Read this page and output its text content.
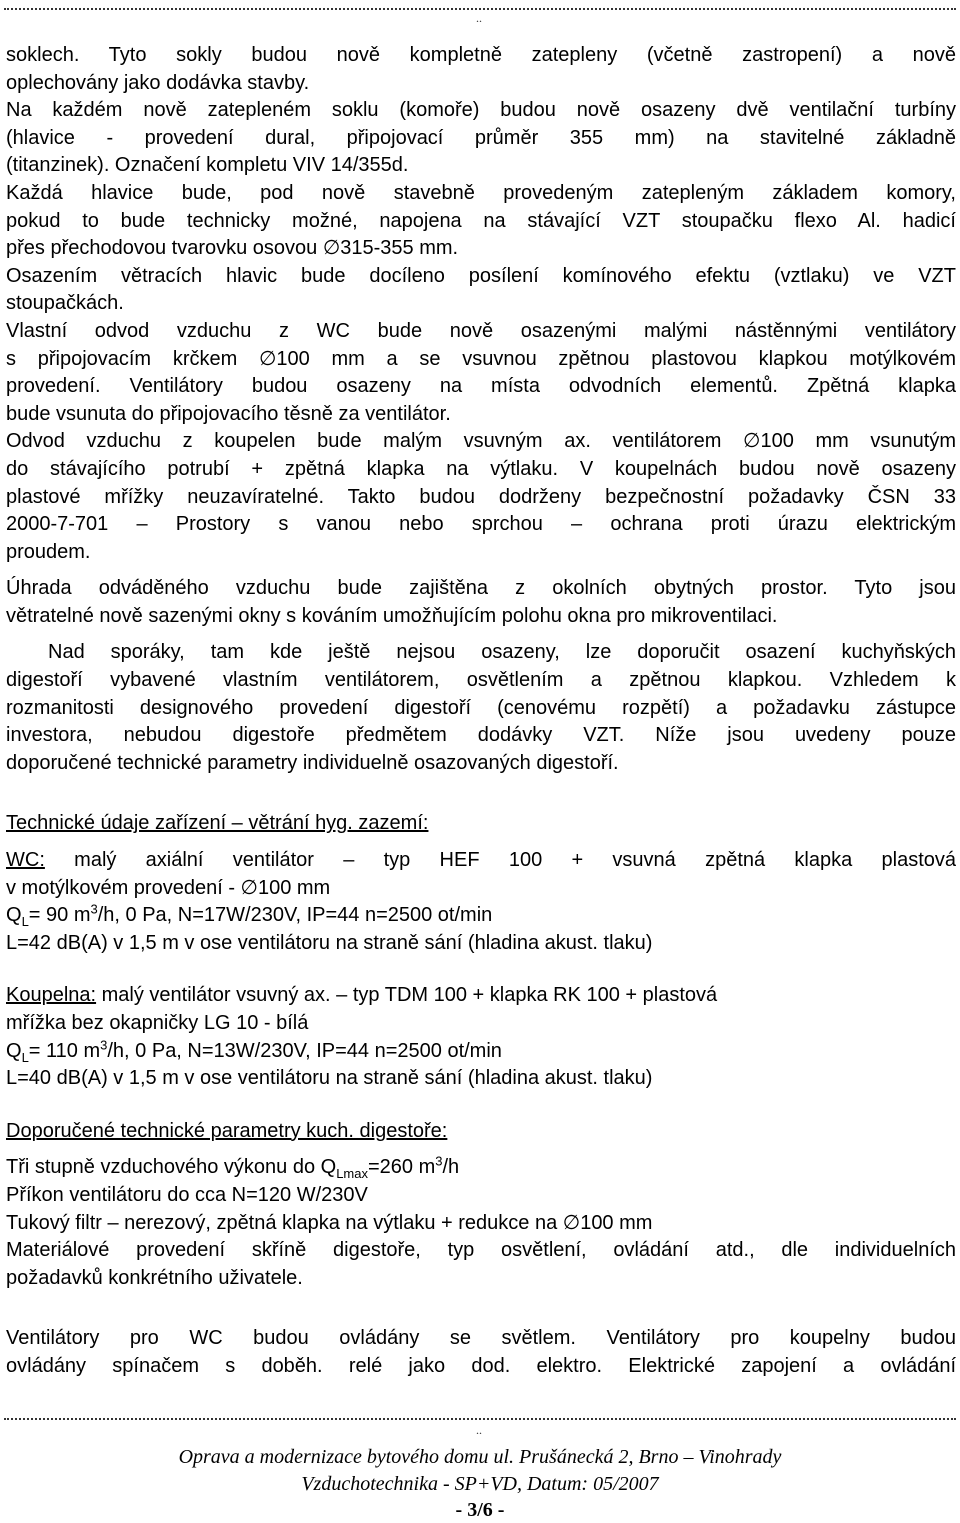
..

soklech. Tyto sokly budou nově kompletně zatepleny (včetně zastropení) a nově

oplechovány jako dodávka stavby.

Na každém nově zatepleném soklu (komoře) budou nově osazeny dvě ventilační turbíny

(hlavice - provedení dural, připojovací průměr 355 mm) na stavitelné základně

(titanzinek). Označení kompletu VIV 14/355d.

Každá hlavice bude, pod nově stavebně provedeným zatepleným základem komory,

pokud to bude technicky možné, napojena na stávající VZT stoupačku flexo Al. hadicí

přes přechodovou tvarovku osovou ∅315-355 mm.

Osazením větracích hlavic bude docíleno posílení komínového efektu (vztlaku) ve VZT

stoupačkách.

Vlastní odvod vzduchu z WC bude nově osazenými malými nástěnnými ventilátory

s připojovacím krčkem ∅100 mm a se vsuvnou zpětnou plastovou klapkou motýlkovém

provedení. Ventilátory budou osazeny na místa odvodních elementů. Zpětná klapka

bude vsunuta do připojovacího těsně za ventilátor.

Odvod vzduchu z koupelen bude malým vsuvným ax. ventilátorem ∅100 mm vsunutým

do stávajícího potrubí + zpětná klapka na výtlaku. V koupelnách budou nově osazeny

plastové mřížky neuzavíratelné. Takto budou dodrženy bezpečnostní požadavky ČSN 33

2000-7-701 – Prostory s vanou nebo sprchou – ochrana proti úrazu elektrickým

proudem.

Úhrada odváděného vzduchu bude zajištěna z okolních obytných prostor. Tyto jsou

větratelné nově sazenými okny s kováním umožňujícím polohu okna pro mikroventilaci.

Nad sporáky, tam kde ještě nejsou osazeny, lze doporučit osazení kuchyňských

digestoří vybavené vlastním ventilátorem, osvětlením a zpětnou klapkou. Vzhledem k

rozmanitosti designového provedení digestoří (cenovému rozpětí) a požadavku zástupce

investora, nebudou digestoře předmětem dodávky VZT. Níže jsou uvedeny pouze

doporučené technické parametry individuelně osazovaných digestoří.

Technické údaje zařízení – větrání hyg. zazemí:

WC: malý axiální ventilátor – typ HEF 100 + vsuvná zpětná klapka plastová

v motýlkovém provedení - ∅100 mm

$Q_L= 90$ $m^3/h$, 0 Pa, N=17W/230V, IP=44 n=2500 ot/min

L=42 dB(A) v 1,5 m v ose ventilátoru na straně sání (hladina akust. tlaku)

Koupelna: malý ventilátor vsuvný ax. – typ TDM 100 + klapka RK 100 + plastová

mřížka bez okapničky LG 10 - bílá

$Q_L= 110$ $m^3/h$, 0 Pa, N=13W/230V, IP=44 n=2500 ot/min

L=40 dB(A) v 1,5 m v ose ventilátoru na straně sání (hladina akust. tlaku)

Doporučené technické parametry kuch. digestoře:

Tři stupně vzduchového výkonu do $Q_{Lmax}=260$ $m^3/h$

Příkon ventilátoru do cca N=120 W/230V

Tukový filtr – nerezový, zpětná klapka na výtlaku + redukce na ∅100 mm

Materiálové provedení skříně digestoře, typ osvětlení, ovládání atd., dle individuelních

požadavků konkrétního uživatele.

Ventilátory pro WC budou ovládány se světlem. Ventilátory pro koupelny budou

ovládány spínačem s doběh. relé jako dod. elektro. Elektrické zapojení a ovládání

..
Oprava a modernizace bytového domu ul. Prušánecká 2, Brno – Vinohrady
Vzduchotechnika - SP+VD, Datum: 05/2007
- 3/6 -
